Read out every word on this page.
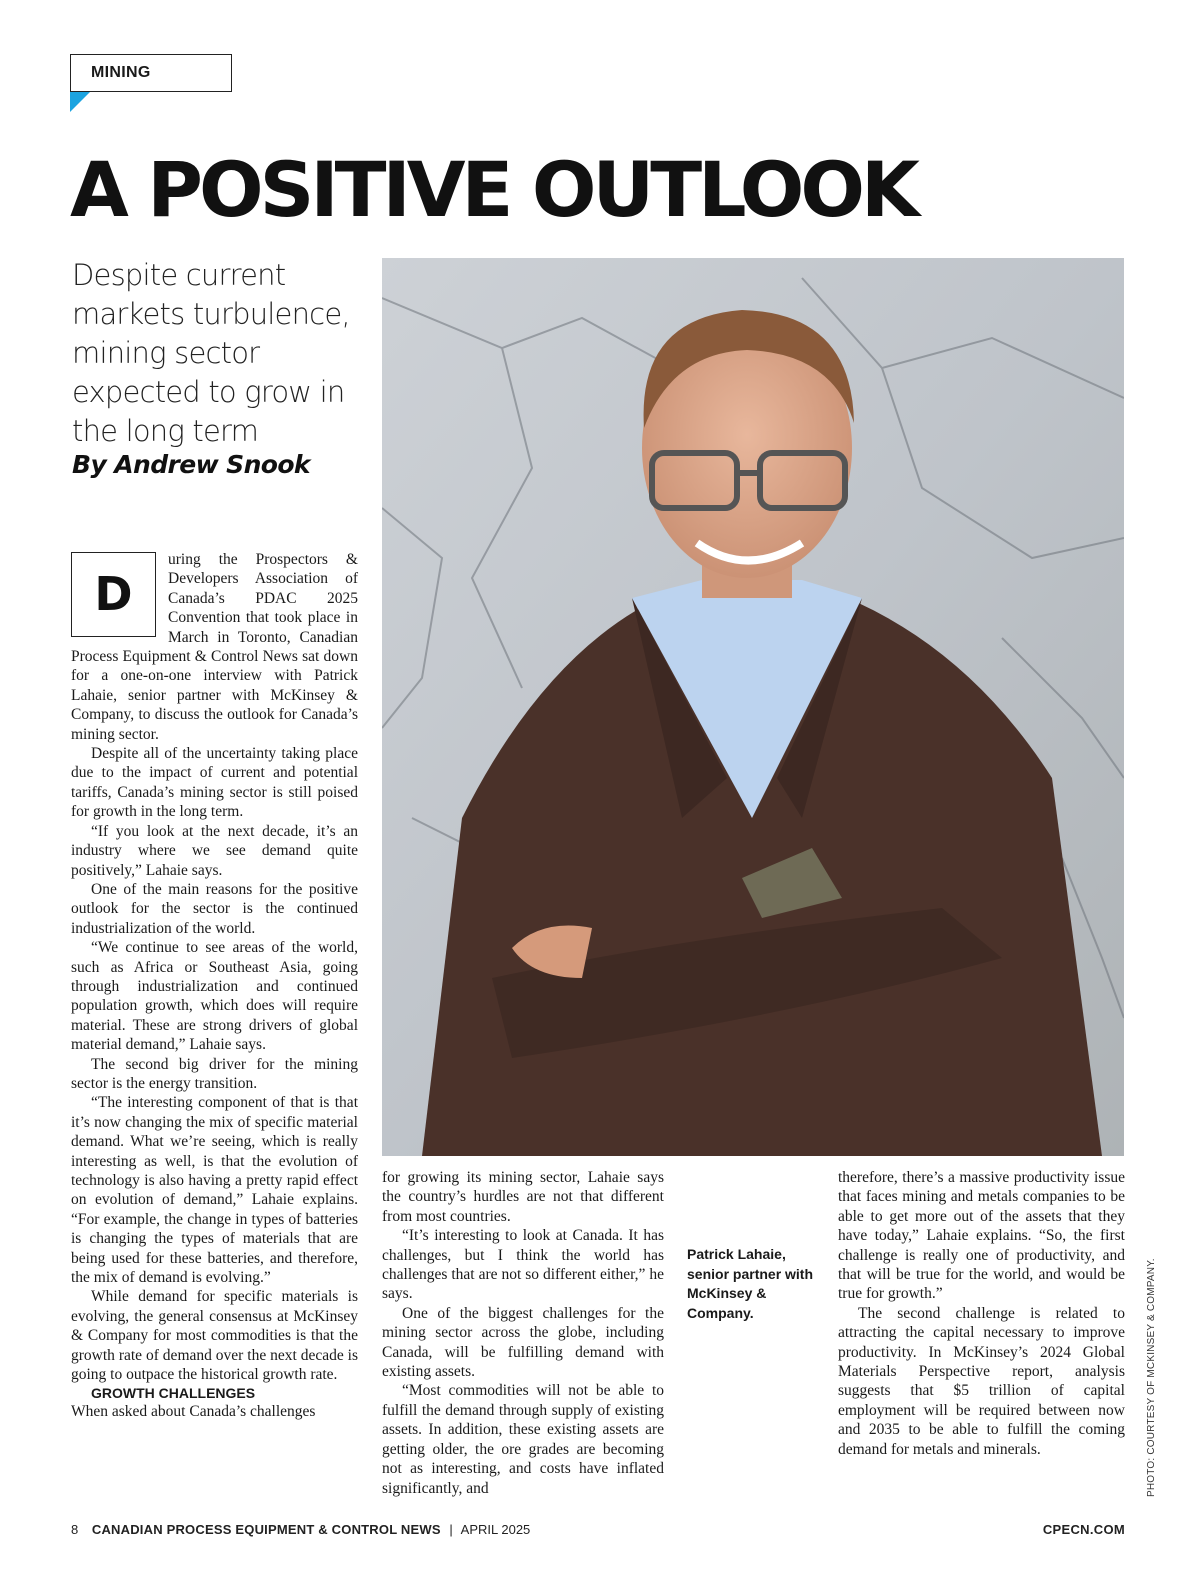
MINING
A POSITIVE OUTLOOK
Despite current markets turbulence, mining sector expected to grow in the long term
By Andrew Snook
D

uring the Prospectors & Developers Association of Canada’s PDAC 2025 Convention that took place in March in Toronto, Canadian Process Equipment & Control News sat down for a one-on-one interview with Patrick Lahaie, senior partner with McKinsey & Company, to discuss the outlook for Canada’s mining sector.

Despite all of the uncertainty taking place due to the impact of current and potential tariffs, Canada’s mining sector is still poised for growth in the long term.

“If you look at the next decade, it’s an industry where we see demand quite positively,” Lahaie says.

One of the main reasons for the positive outlook for the sector is the continued industrialization of the world.

“We continue to see areas of the world, such as Africa or Southeast Asia, going through industrialization and continued population growth, which does will require material. These are strong drivers of global material demand,” Lahaie says.

The second big driver for the mining sector is the energy transition.

“The interesting component of that is that it’s now changing the mix of specific material demand. What we’re seeing, which is really interesting as well, is that the evolution of technology is also having a pretty rapid effect on evolution of demand,” Lahaie explains. “For example, the change in types of batteries is changing the types of materials that are being used for these batteries, and therefore, the mix of demand is evolving.”

While demand for specific materials is evolving, the general consensus at McKinsey & Company for most commodities is that the growth rate of demand over the next decade is going to outpace the historical growth rate.

GROWTH CHALLENGES

When asked about Canada’s challenges

for growing its mining sector, Lahaie says the country’s hurdles are not that different from most countries.

“It’s interesting to look at Canada. It has challenges, but I think the world has challenges that are not so different either,” he says.

One of the biggest challenges for the mining sector across the globe, including Canada, will be fulfilling demand with existing assets.

“Most commodities will not be able to fulfill the demand through supply of existing assets. In addition, these existing assets are getting older, the ore grades are becoming not as interesting, and costs have inflated significantly, and

Patrick Lahaie, senior partner with McKinsey & Company.

therefore, there’s a massive productivity issue that faces mining and metals companies to be able to get more out of the assets that they have today,” Lahaie explains. “So, the first challenge is really one of productivity, and that will be true for the world, and would be true for growth.”

The second challenge is related to attracting the capital necessary to improve productivity. In McKinsey’s 2024 Global Materials Perspective report, analysis suggests that $5 trillion of capital employment will be required between now and 2035 to be able to fulfill the coming demand for metals and minerals.	PHOTO: COURTESY OF MCKINSEY & COMPANY.
8 CANADIAN PROCESS EQUIPMENT & CONTROL NEWS | APRIL 2025	CPECN.COM
